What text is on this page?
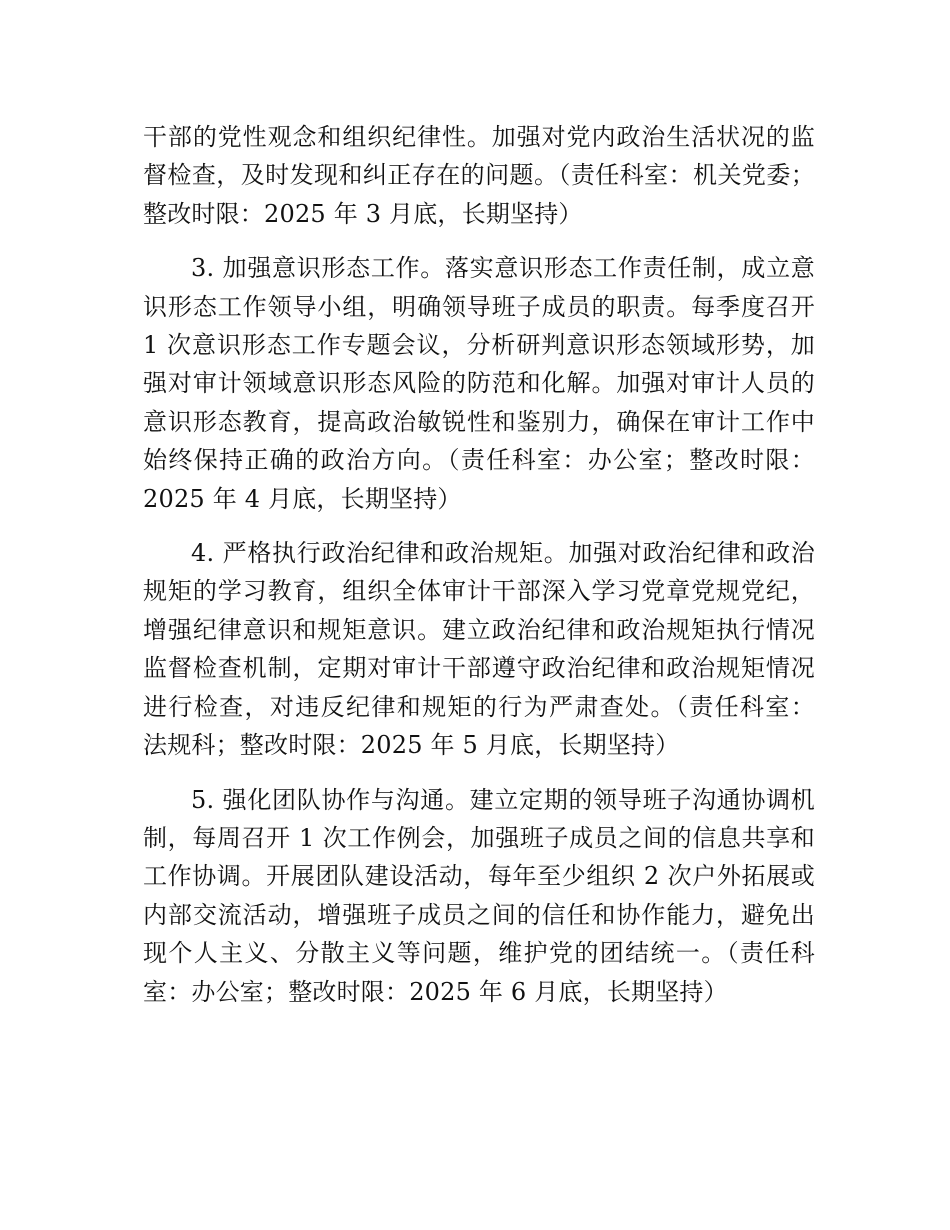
干部的党性观念和组织纪律性。加强对党内政治生活状况的监
督检查，及时发现和纠正存在的问题。（责任科室：机关党委；
整改时限：2025 年 3 月底，长期坚持）

3. 加强意识形态工作。落实意识形态工作责任制，成立意
识形态工作领导小组，明确领导班子成员的职责。每季度召开
1 次意识形态工作专题会议，分析研判意识形态领域形势，加
强对审计领域意识形态风险的防范和化解。加强对审计人员的
意识形态教育，提高政治敏锐性和鉴别力，确保在审计工作中
始终保持正确的政治方向。（责任科室：办公室；整改时限：
2025 年 4 月底，长期坚持）

4. 严格执行政治纪律和政治规矩。加强对政治纪律和政治
规矩的学习教育，组织全体审计干部深入学习党章党规党纪，
增强纪律意识和规矩意识。建立政治纪律和政治规矩执行情况
监督检查机制，定期对审计干部遵守政治纪律和政治规矩情况
进行检查，对违反纪律和规矩的行为严肃查处。（责任科室：
法规科；整改时限：2025 年 5 月底，长期坚持）

5. 强化团队协作与沟通。建立定期的领导班子沟通协调机
制，每周召开 1 次工作例会，加强班子成员之间的信息共享和
工作协调。开展团队建设活动，每年至少组织 2 次户外拓展或
内部交流活动，增强班子成员之间的信任和协作能力，避免出
现个人主义、分散主义等问题，维护党的团结统一。（责任科
室：办公室；整改时限：2025 年 6 月底，长期坚持）
